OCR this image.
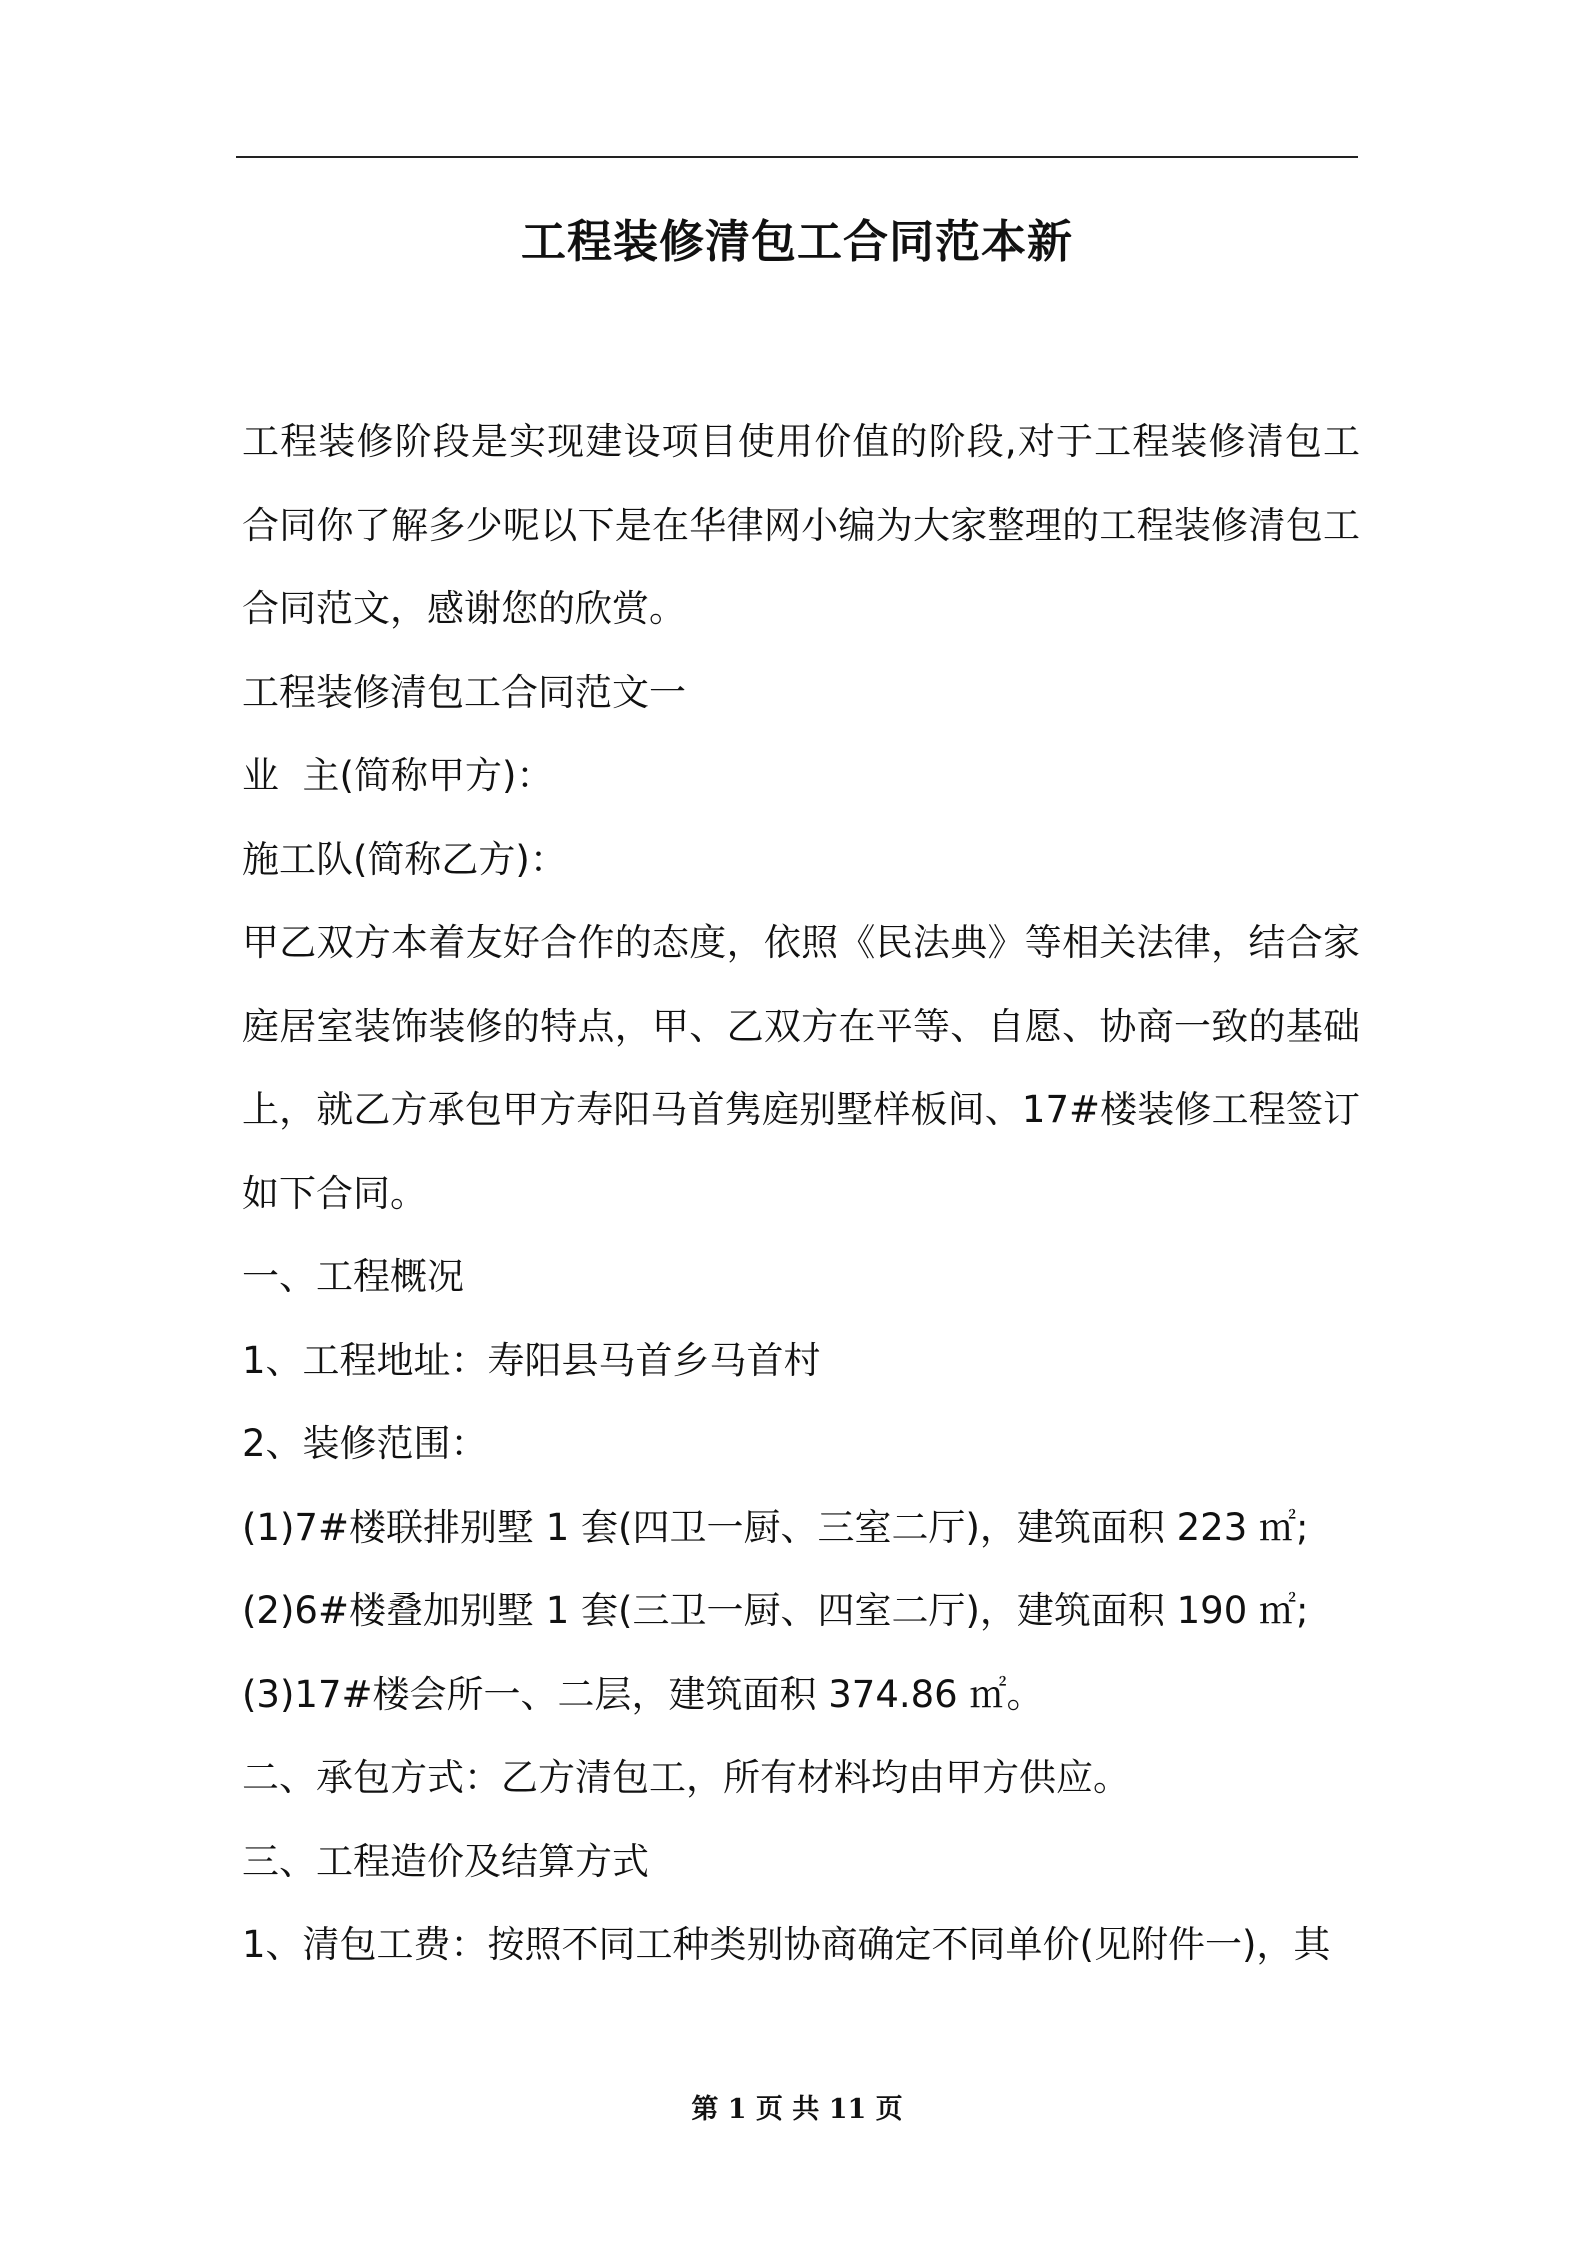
工程装修清包工合同范本新

工程装修阶段是实现建设项目使用价值的阶段,对于工程装修清包工合同你了解多少呢以下是在华律网小编为大家整理的工程装修清包工合同范文，感谢您的欣赏。

工程装修清包工合同范文一

业  主(简称甲方)：

施工队(简称乙方)：

甲乙双方本着友好合作的态度，依照《民法典》等相关法律，结合家庭居室装饰装修的特点，甲、乙双方在平等、自愿、协商一致的基础上，就乙方承包甲方寿阳马首隽庭别墅样板间、17#楼装修工程签订如下合同。

一、工程概况

1、工程地址：寿阳县马首乡马首村

2、装修范围：

(1)7#楼联排别墅 1 套(四卫一厨、三室二厅)，建筑面积 223 ㎡;

(2)6#楼叠加别墅 1 套(三卫一厨、四室二厅)，建筑面积 190 ㎡;

(3)17#楼会所一、二层，建筑面积 374.86 ㎡。

二、承包方式：乙方清包工，所有材料均由甲方供应。

三、工程造价及结算方式

1、清包工费：按照不同工种类别协商确定不同单价(见附件一)，其

第 1 页 共 11 页
